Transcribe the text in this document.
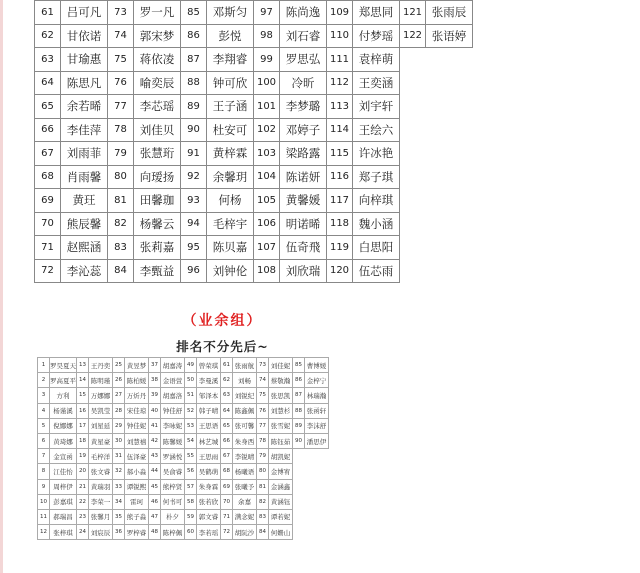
61	吕可凡	73	罗一凡	85	邓斯匀	97	陈尚逸	109	郑思同	121	张雨辰
62	甘依诺	74	郭宋梦	86	彭悦	98	刘石睿	110	付梦瑶	122	张语婷
63	甘瑜惠	75	蒋依凌	87	李翔睿	99	罗思弘	111	袁梓萌		
64	陈思凡	76	喻奕辰	88	钟可欣	100	冷昕	112	王奕涵		
65	余若晞	77	李芯瑶	89	王子涵	101	李梦璐	113	刘宇轩		
66	李佳萍	78	刘佳贝	90	杜安可	102	邓婷子	114	王绘六		
67	刘雨菲	79	张慧珩	91	黄梓霖	103	梁路露	115	许冰艳		
68	肖雨馨	80	向瑷扬	92	余馨玥	104	陈诺妍	116	郑子琪		
69	黄玨	81	田馨珈	93	何杨	105	黄馨媛	117	向梓琪		
70	熊辰馨	82	杨馨云	94	毛梓宇	106	明诺晞	118	魏小涵		
71	赵熙涵	83	张莉嘉	95	陈贝嘉	107	伍奇飛	119	白思阳		
72	李沁蕊	84	李甄益	96	刘钟伦	108	刘欣瑞	120	伍芯雨		
（业余组）
排名不分先后~
1	罗昊夏天	13	王丹奕	25	黄昱梦	37	胡嘉涛	49	曾荣琪	61	张雨航	73	刘佳妮	85	曹博媛
2	罗高夏平	14	陈明瑾	26	陈柏媛	38	金语萱	50	李曼溪	62	刘畅	74	蔡敬瀚	86	金梓宁
3	方利	15	万娜娜	27	万炘丹	39	胡嘉洛	51	邹泽本	63	刘锐纪	75	张思凯	87	林瑞瀚
4	杨谨溪	16	吴凯莹	28	宋佳琼	40	钟佳舒	52	韩子晴	64	陈鑫佩	76	刘慧杉	88	张函轩
5	倪娜娜	17	刘星延	29	钟佳妮	41	李咏妮	53	王思语	65	张可馨	77	张雪妮	89	李沫舒
6	黄琦娜	18	黄星豪	30	刘慧禧	42	陈馨媛	54	林艺城	66	朱身西	78	陈钰茹	90	潘思伊
7	金宣函	19	毛梓洋	31	伍泽豪	43	罗涵悦	55	王思雨	67	李锐晴	79	胡凯妮		
8	江佳怡	20	张文睿	32	郝小淼	44	吴俞睿	56	吴鹤萌	68	杨曦语	80	金博宥		
9	周梓伊	21	黄瑞羽	33	谭锐熙	45	熊梓贤	57	朱身霖	69	张曦予	81	金涵鑫		
10	彭嘉琪	22	李荣一	34	雷珂	46	何书可	58	张若欣	70	余嘉	82	黄涵钰		
11	郝瑞昌	23	张馨月	35	熊子淼	47	朴夕	59	郭文睿	71	满念妮	83	谭若妮		
12	张梓琪	24	刘宸辰	36	罗梓睿	48	陈梓佩	60	李若瑶	72	胡阮沙	84	何姗山		
